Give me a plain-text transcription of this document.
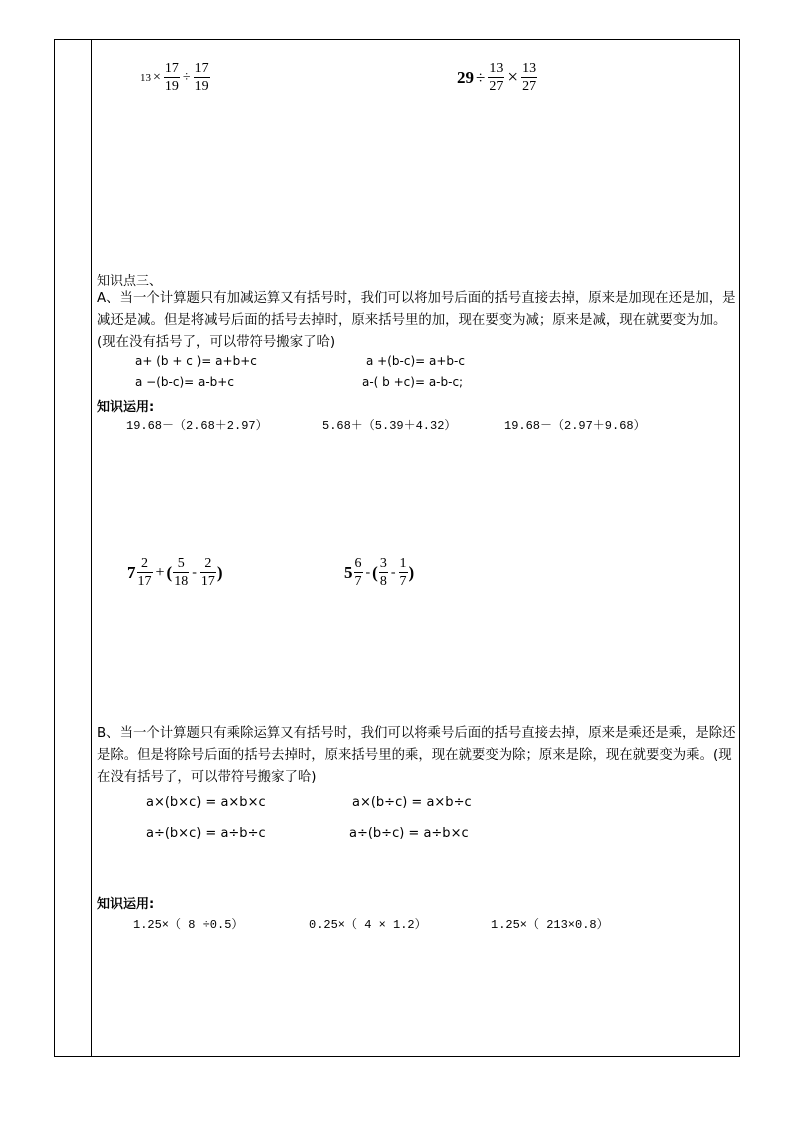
$13 \times \frac{17}{19} \div \frac{17}{19}$	$29 \div \frac{13}{27} \times \frac{13}{27}$
知识点三、
A、当一个计算题只有加减运算又有括号时，我们可以将加号后面的括号直接去掉，原来是加现在还是加，是减还是减。但是将减号后面的括号去掉时，原来括号里的加，现在要变为减；原来是减，现在就要变为加。(现在没有括号了，可以带符号搬家了哈)
a+ (b + c )= a+b+c	a +(b-c)= a+b-c
a −(b-c)= a-b+c	a-( b +c)= a-b-c;
知识运用:
19.68－（2.68＋2.97）	5.68＋（5.39＋4.32）	19.68－（2.97＋9.68）
$7 \frac{2}{17}$ + ( $\frac{5}{18} - \frac{2}{17}$ )	$5 \frac{6}{7}$ - ( $\frac{3}{8} - \frac{1}{7}$ )
B、当一个计算题只有乘除运算又有括号时，我们可以将乘号后面的括号直接去掉，原来是乘还是乘，是除还是除。但是将除号后面的括号去掉时，原来括号里的乘，现在就要变为除；原来是除，现在就要变为乘。(现在没有括号了，可以带符号搬家了哈)
a×(b×c) = a×b×c	a×(b÷c) = a×b÷c
a÷(b×c) = a÷b÷c	a÷(b÷c) = a÷b×c
知识运用:
1.25×（ 8 ÷0.5）	0.25×（ 4 × 1.2）	1.25×（ 213×0.8）
